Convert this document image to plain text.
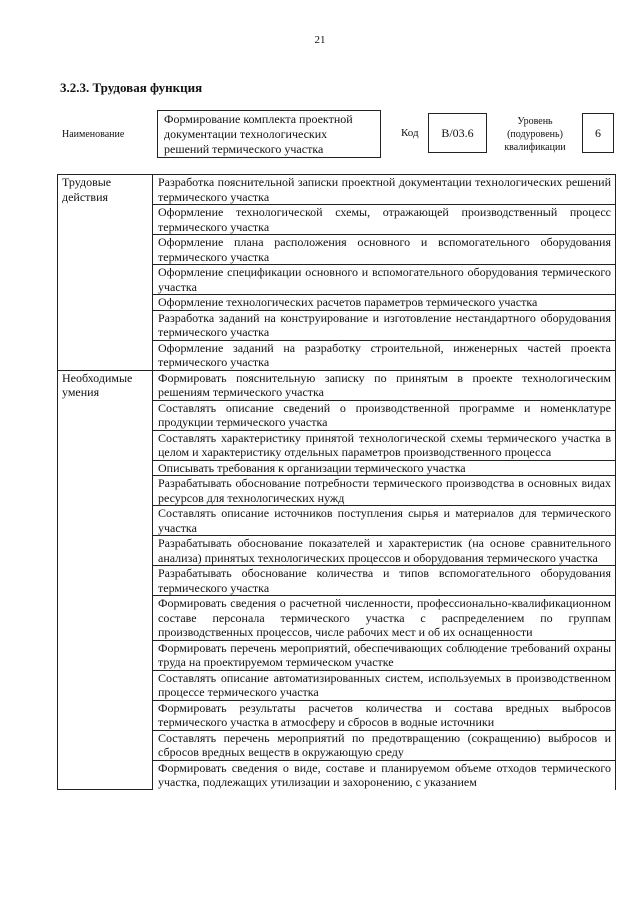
21
3.2.3. Трудовая функция
Наименование
Формирование комплекта проектной документации технологических решений термического участка
Код	B/03.6
Уровень (подуровень) квалификации
6
Трудовые действия	Разработка пояснительной записки проектной документации технологических решений термического участка
	Оформление технологической схемы, отражающей производственный процесс термического участка
	Оформление плана расположения основного и вспомогательного оборудования термического участка
	Оформление спецификации основного и вспомогательного оборудования термического участка
	Оформление технологических расчетов параметров термического участка
	Разработка заданий на конструирование и изготовление нестандартного оборудования термического участка
	Оформление заданий на разработку строительной, инженерных частей проекта термического участка
Необходимые умения	Формировать пояснительную записку по принятым в проекте технологическим решениям термического участка
	Составлять описание сведений о производственной программе и номенклатуре продукции термического участка
	Составлять характеристику принятой технологической схемы термического участка в целом и характеристику отдельных параметров производственного процесса
	Описывать требования к организации термического участка
	Разрабатывать обоснование потребности термического производства в основных видах ресурсов для технологических нужд
	Составлять описание источников поступления сырья и материалов для термического участка
	Разрабатывать обоснование показателей и характеристик (на основе сравнительного анализа) принятых технологических процессов и оборудования термического участка
	Разрабатывать обоснование количества и типов вспомогательного оборудования термического участка
	Формировать сведения о расчетной численности, профессионально-квалификационном составе персонала термического участка с распределением по группам производственных процессов, числе рабочих мест и об их оснащенности
	Формировать перечень мероприятий, обеспечивающих соблюдение требований охраны труда на проектируемом термическом участке
	Составлять описание автоматизированных систем, используемых в производственном процессе термического участка
	Формировать результаты расчетов количества и состава вредных выбросов термического участка в атмосферу и сбросов в водные источники
	Составлять перечень мероприятий по предотвращению (сокращению) выбросов и сбросов вредных веществ в окружающую среду
	Формировать сведения о виде, составе и планируемом объеме отходов термического участка, подлежащих утилизации и захоронению, с указанием
